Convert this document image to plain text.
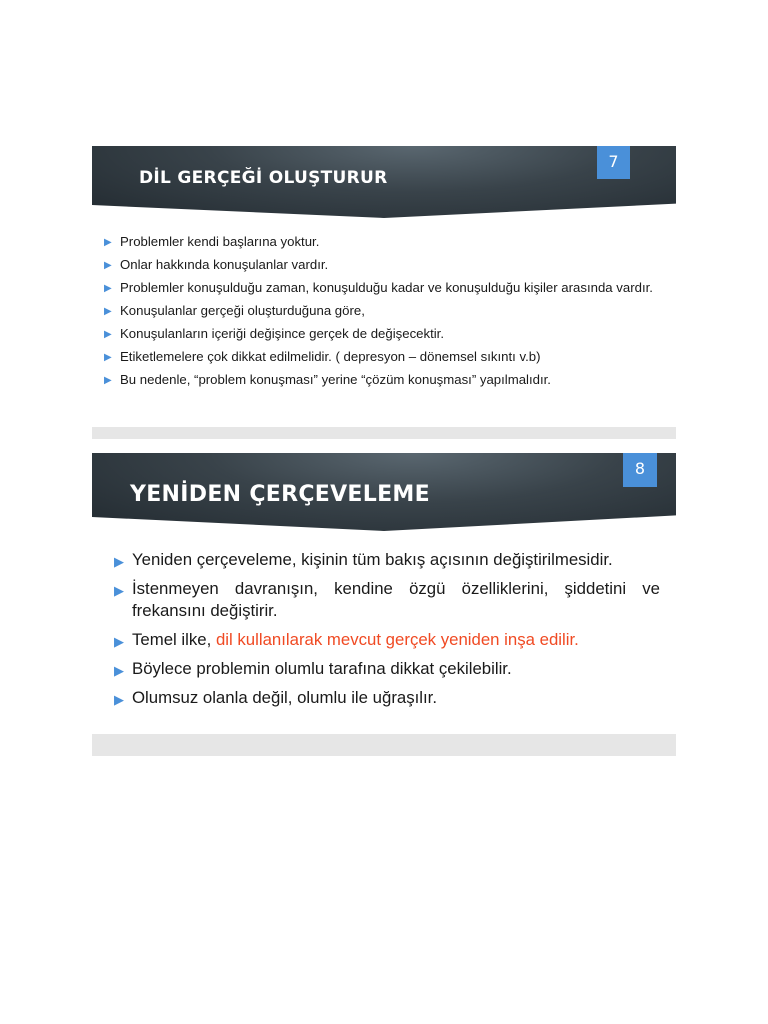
DİL GERÇEĞİ OLUŞTURUR
7
▶ Problemler kendi başlarına yoktur.
▶ Onlar hakkında konuşulanlar vardır.
▶ Problemler konuşulduğu zaman, konuşulduğu kadar ve konuşulduğu kişiler arasında vardır.
▶ Konuşulanlar gerçeği oluşturduğuna göre,
▶ Konuşulanların içeriği değişince gerçek de değişecektir.
▶ Etiketlemelere çok dikkat edilmelidir. ( depresyon – dönemsel sıkıntı v.b)
▶ Bu nedenle, “problem konuşması” yerine “çözüm konuşması” yapılmalıdır.
YENİDEN ÇERÇEVELEME
8
▶ Yeniden çerçeveleme, kişinin tüm bakış açısının değiştirilmesidir.
▶ İstenmeyen davranışın, kendine özgü özelliklerini, şiddetini ve frekansını değiştirir.
▶ Temel ilke, dil kullanılarak mevcut gerçek yeniden inşa edilir.
▶ Böylece problemin olumlu tarafına dikkat çekilebilir.
▶ Olumsuz olanla değil, olumlu ile uğraşılır.
